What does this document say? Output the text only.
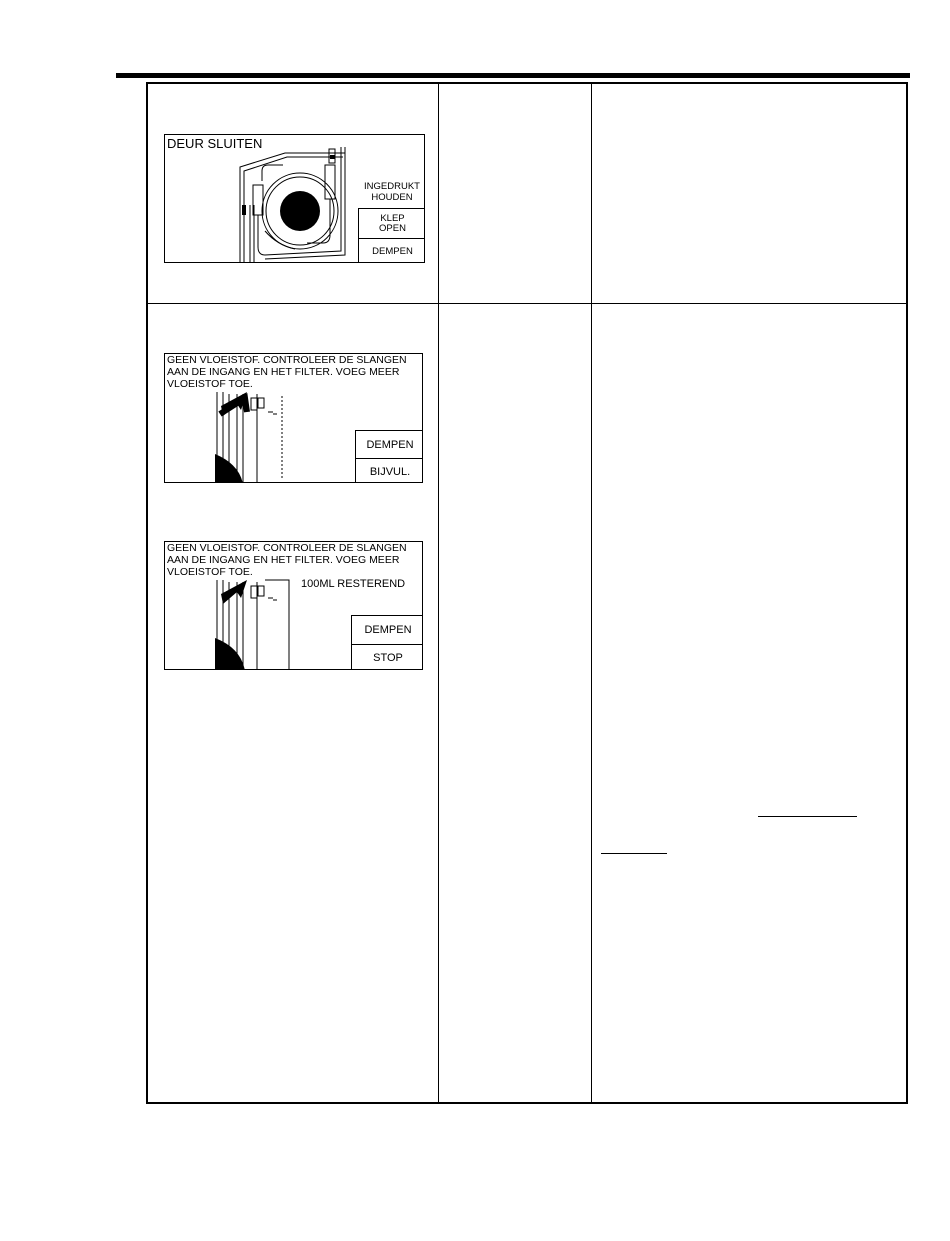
DEUR SLUITEN
INGEDRUKT
HOUDEN
KLEP
OPEN
DEMPEN
GEEN VLOEISTOF. CONTROLEER DE SLANGEN AAN DE INGANG EN HET FILTER. VOEG MEER VLOEISTOF TOE.
DEMPEN
BIJVUL.
GEEN VLOEISTOF. CONTROLEER DE SLANGEN AAN DE INGANG EN HET FILTER. VOEG MEER VLOEISTOF TOE.
100ML RESTEREND
DEMPEN
STOP
